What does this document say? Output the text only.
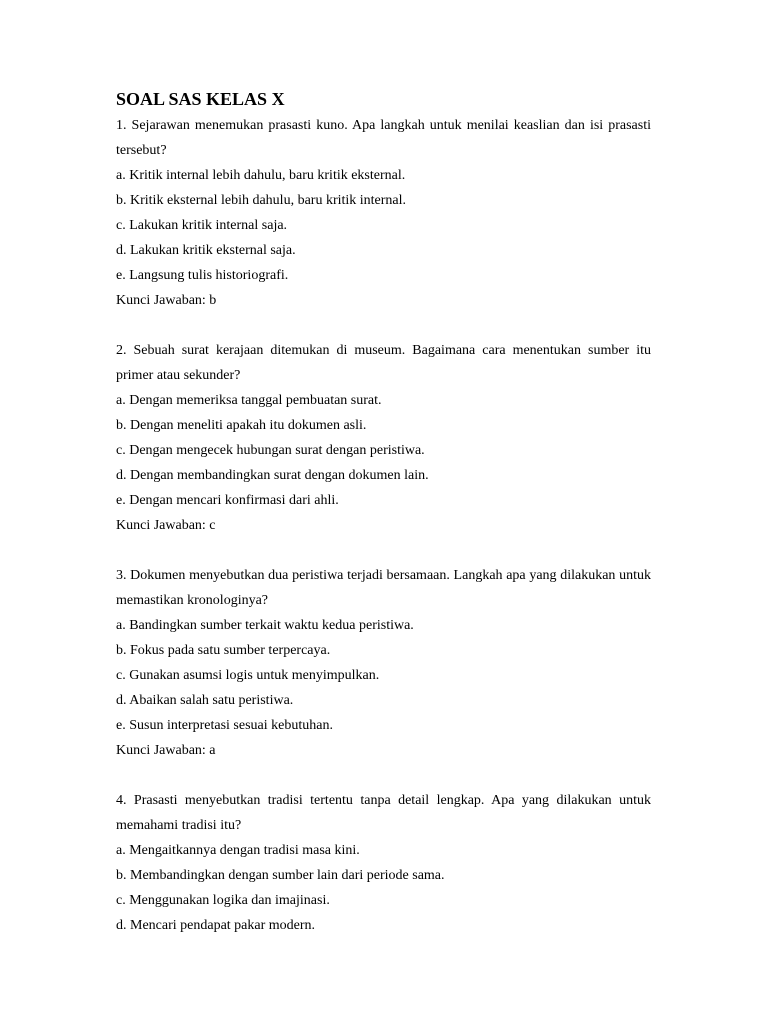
SOAL SAS KELAS X

1. Sejarawan menemukan prasasti kuno. Apa langkah untuk menilai keaslian dan isi prasasti tersebut?

a. Kritik internal lebih dahulu, baru kritik eksternal.

b. Kritik eksternal lebih dahulu, baru kritik internal.

c. Lakukan kritik internal saja.

d. Lakukan kritik eksternal saja.

e. Langsung tulis historiografi.

Kunci Jawaban: b

2. Sebuah surat kerajaan ditemukan di museum. Bagaimana cara menentukan sumber itu primer atau sekunder?

a. Dengan memeriksa tanggal pembuatan surat.

b. Dengan meneliti apakah itu dokumen asli.

c. Dengan mengecek hubungan surat dengan peristiwa.

d. Dengan membandingkan surat dengan dokumen lain.

e. Dengan mencari konfirmasi dari ahli.

Kunci Jawaban: c

3. Dokumen menyebutkan dua peristiwa terjadi bersamaan. Langkah apa yang dilakukan untuk memastikan kronologinya?

a. Bandingkan sumber terkait waktu kedua peristiwa.

b. Fokus pada satu sumber terpercaya.

c. Gunakan asumsi logis untuk menyimpulkan.

d. Abaikan salah satu peristiwa.

e. Susun interpretasi sesuai kebutuhan.

Kunci Jawaban: a

4. Prasasti menyebutkan tradisi tertentu tanpa detail lengkap. Apa yang dilakukan untuk memahami tradisi itu?

a. Mengaitkannya dengan tradisi masa kini.

b. Membandingkan dengan sumber lain dari periode sama.

c. Menggunakan logika dan imajinasi.

d. Mencari pendapat pakar modern.
